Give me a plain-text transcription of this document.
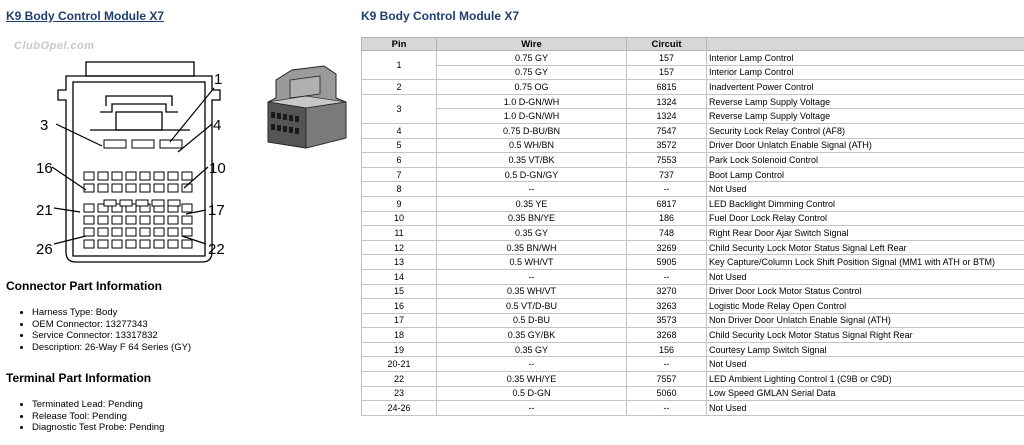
K9 Body Control Module X7
ClubOpel.com
1
3	4
16	10
21	17
26	22
Connector Part Information
• Harness Type: Body
• OEM Connector: 13277343
• Service Connector: 13317832
• Description: 26-Way F 64 Series (GY)
Terminal Part Information
• Terminated Lead: Pending
• Release Tool: Pending
• Diagnostic Test Probe: Pending
K9 Body Control Module X7
Pin	Wire	Circuit	
1	0.75 GY	157	Interior Lamp Control
	0.75 GY	157	Interior Lamp Control
2	0.75 OG	6815	Inadvertent Power Control
3	1.0 D-GN/WH	1324	Reverse Lamp Supply Voltage
	1.0 D-GN/WH	1324	Reverse Lamp Supply Voltage
4	0.75 D-BU/BN	7547	Security Lock Relay Control (AF8)
5	0.5 WH/BN	3572	Driver Door Unlatch Enable Signal (ATH)
6	0.35 VT/BK	7553	Park Lock Solenoid Control
7	0.5 D-GN/GY	737	Boot Lamp Control
8	--	--	Not Used
9	0.35 YE	6817	LED Backlight Dimming Control
10	0.35 BN/YE	186	Fuel Door Lock Relay Control
11	0.35 GY	748	Right Rear Door Ajar Switch Signal
12	0.35 BN/WH	3269	Child Security Lock Motor Status Signal Left Rear
13	0.5 WH/VT	5905	Key Capture/Column Lock Shift Position Signal (MM1 with ATH or BTM)
14	--	--	Not Used
15	0.35 WH/VT	3270	Driver Door Lock Motor Status Control
16	0.5 VT/D-BU	3263	Logistic Mode Relay Open Control
17	0.5 D-BU	3573	Non Driver Door Unlatch Enable Signal (ATH)
18	0.35 GY/BK	3268	Child Security Lock Motor Status Signal Right Rear
19	0.35 GY	156	Courtesy Lamp Switch Signal
20-21	--	--	Not Used
22	0.35 WH/YE	7557	LED Ambient Lighting Control 1 (C9B or C9D)
23	0.5 D-GN	5060	Low Speed GMLAN Serial Data
24-26	--	--	Not Used
